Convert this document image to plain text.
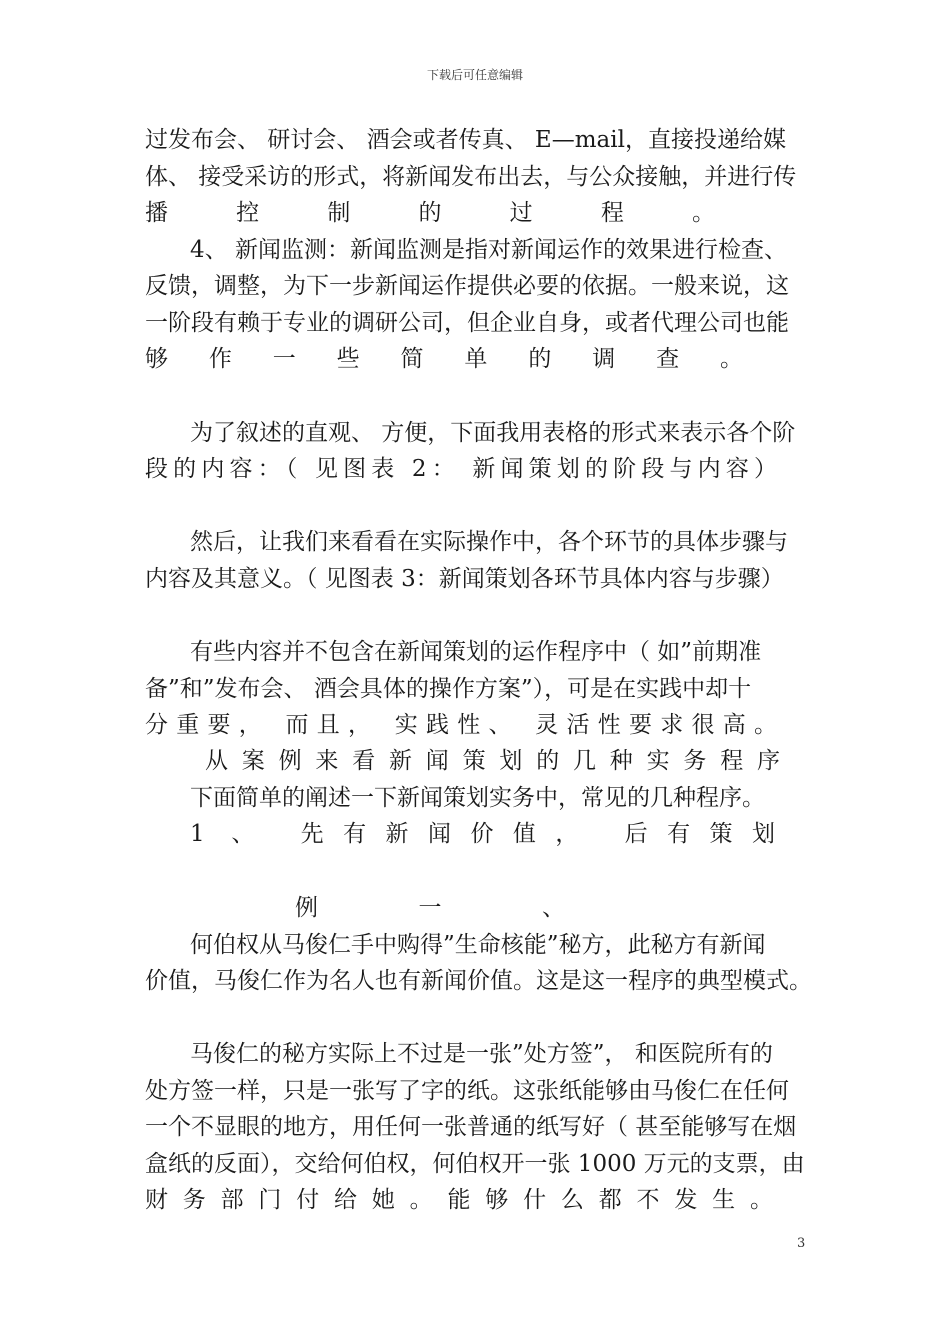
下载后可任意编辑
过发布会、 研讨会、 酒会或者传真、 E—mail，直接投递给媒
体、 接受采访的形式，将新闻发布出去，与公众接触，并进行传
播 控 制 的 过 程 。
4、 新闻监测：新闻监测是指对新闻运作的效果进行检查、
反馈，调整，为下一步新闻运作提供必要的依据。一般来说，这
一阶段有赖于专业的调研公司，但企业自身，或者代理公司也能
够 作 一 些 简 单 的 调 查 。
为了叙述的直观、 方便，下面我用表格的形式来表示各个阶
段的内容：（ 见图表 2： 新闻策划的阶段与内容）
然后，让我们来看看在实际操作中，各个环节的具体步骤与
内容及其意义。（ 见图表 3：新闻策划各环节具体内容与步骤）
有些内容并不包含在新闻策划的运作程序中（ 如”前期准
备”和”发布会、 酒会具体的操作方案”），可是在实践中却十
分重要， 而且， 实践性、 灵活性要求很高。
从案例来看新闻策划的几种实务程序
下面简单的阐述一下新闻策划实务中，常见的几种程序。
1 、 先有新闻价值， 后有策划
例 一 、
何伯权从马俊仁手中购得”生命核能”秘方，此秘方有新闻
价值，马俊仁作为名人也有新闻价值。这是这一程序的典型模式。
马俊仁的秘方实际上不过是一张”处方签”， 和医院所有的
处方签一样，只是一张写了字的纸。这张纸能够由马俊仁在任何
一个不显眼的地方，用任何一张普通的纸写好（ 甚至能够写在烟
盒纸的反面），交给何伯权，何伯权开一张 1000 万元的支票，由
财 务 部 门 付 给 她 。 能 够 什 么 都 不 发 生 。
3
